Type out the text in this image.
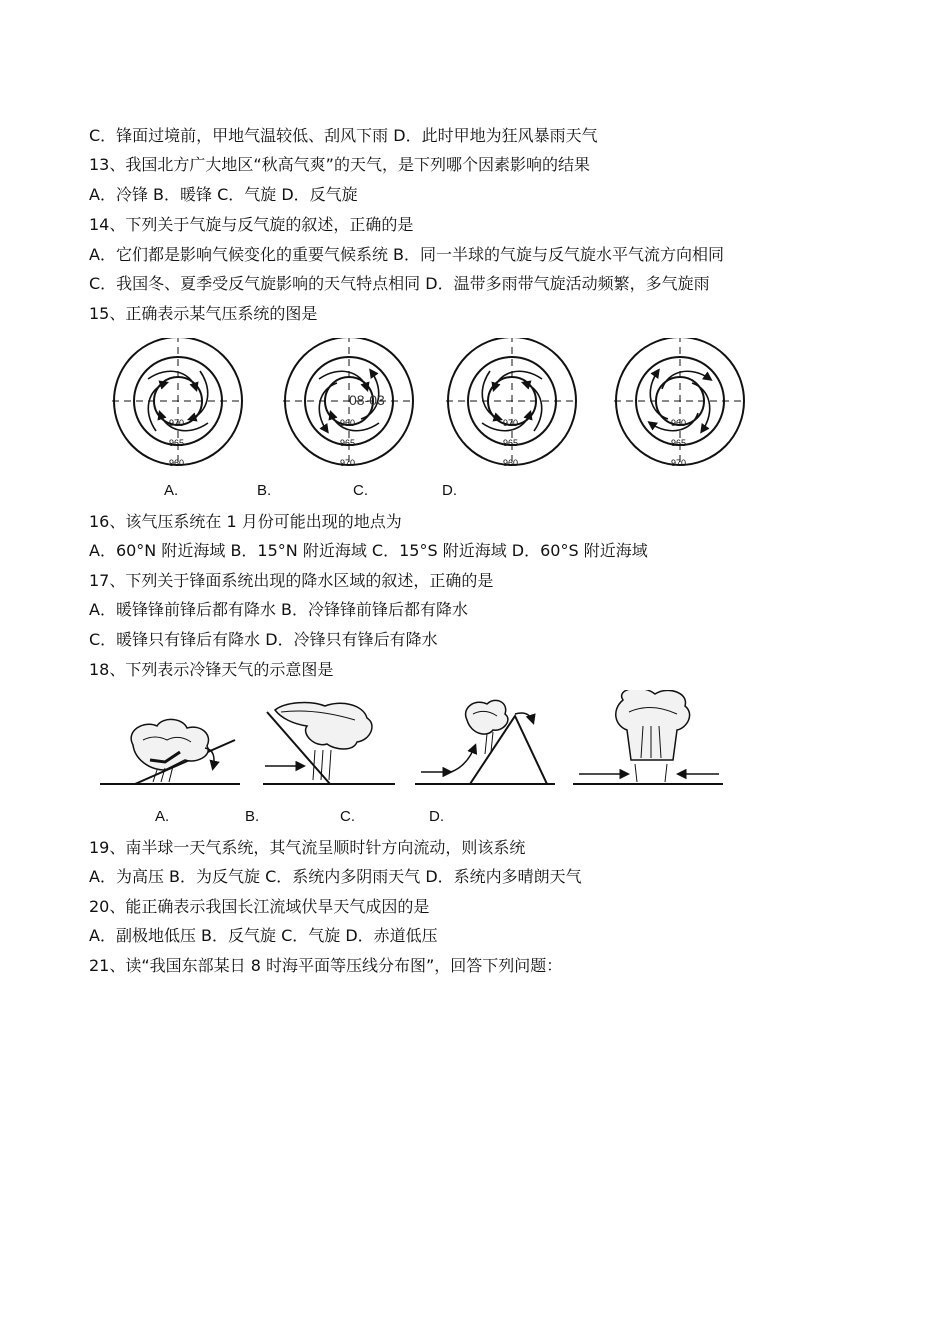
C．锋面过境前，甲地气温较低、刮风下雨 D．此时甲地为狂风暴雨天气
13、我国北方广大地区“秋高气爽”的天气，是下列哪个因素影响的结果
A．冷锋 B．暖锋 C．气旋 D．反气旋
14、下列关于气旋与反气旋的叙述，正确的是
A．它们都是影响气候变化的重要气候系统 B．同一半球的气旋与反气旋水平气流方向相同
C．我国冬、夏季受反气旋影响的天气特点相同 D．温带多雨带气旋活动频繁，多气旋雨
15、正确表示某气压系统的图是
970
965
960
960
965
970
08-03
970
965
960
960
965
970
A.	B.	C.	D.
16、该气压系统在 1 月份可能出现的地点为
A．60°N 附近海域 B．15°N 附近海域 C．15°S 附近海域 D．60°S 附近海域
17、下列关于锋面系统出现的降水区域的叙述，正确的是
A．暖锋锋前锋后都有降水 B．冷锋锋前锋后都有降水
C．暖锋只有锋后有降水 D．冷锋只有锋后有降水
18、下列表示冷锋天气的示意图是
A.	B.	C.	D.
19、南半球一天气系统，其气流呈顺时针方向流动，则该系统
A．为高压 B．为反气旋 C．系统内多阴雨天气 D．系统内多晴朗天气
20、能正确表示我国长江流域伏旱天气成因的是
A．副极地低压 B．反气旋 C．气旋 D．赤道低压
21、读“我国东部某日 8 时海平面等压线分布图”，回答下列问题：
